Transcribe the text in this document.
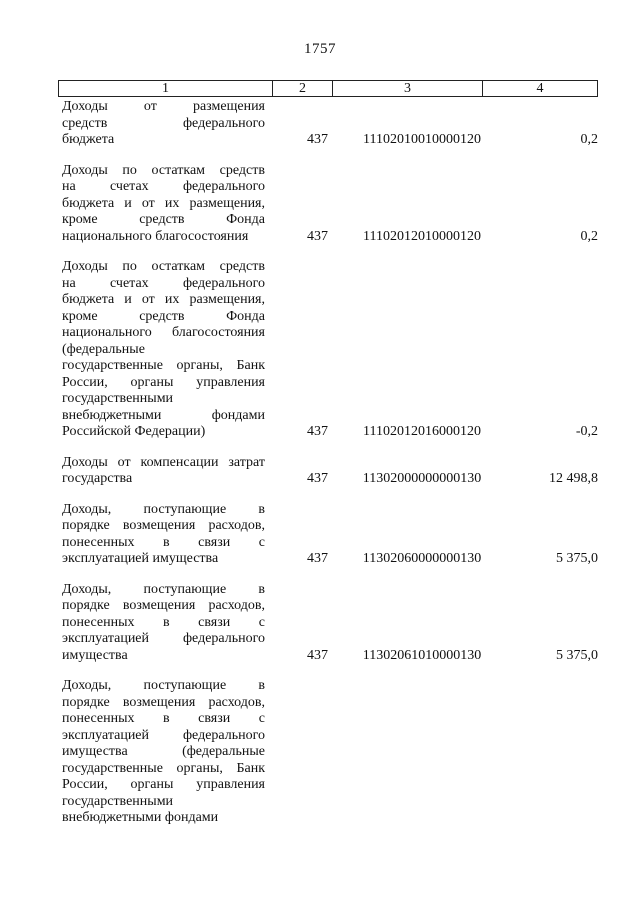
1757
1	2	3	4
Доходы от размещения
средств федерального
бюджета	437	11102010010000120	0,2
Доходы по остаткам средств
на счетах федерального
бюджета и от их размещения,
кроме средств Фонда
национального благосостояния	437	11102012010000120	0,2
Доходы по остаткам средств
на счетах федерального
бюджета и от их размещения,
кроме средств Фонда
национального благосостояния
(федеральные
государственные органы, Банк
России, органы управления
государственными
внебюджетными фондами
Российской Федерации)	437	11102012016000120	-0,2
Доходы от компенсации затрат
государства	437	11302000000000130	12 498,8
Доходы, поступающие в
порядке возмещения расходов,
понесенных в связи с
эксплуатацией имущества	437	11302060000000130	5 375,0
Доходы, поступающие в
порядке возмещения расходов,
понесенных в связи с
эксплуатацией федерального
имущества	437	11302061010000130	5 375,0
Доходы, поступающие в
порядке возмещения расходов,
понесенных в связи с
эксплуатацией федерального
имущества (федеральные
государственные органы, Банк
России, органы управления
государственными
внебюджетными фондами
